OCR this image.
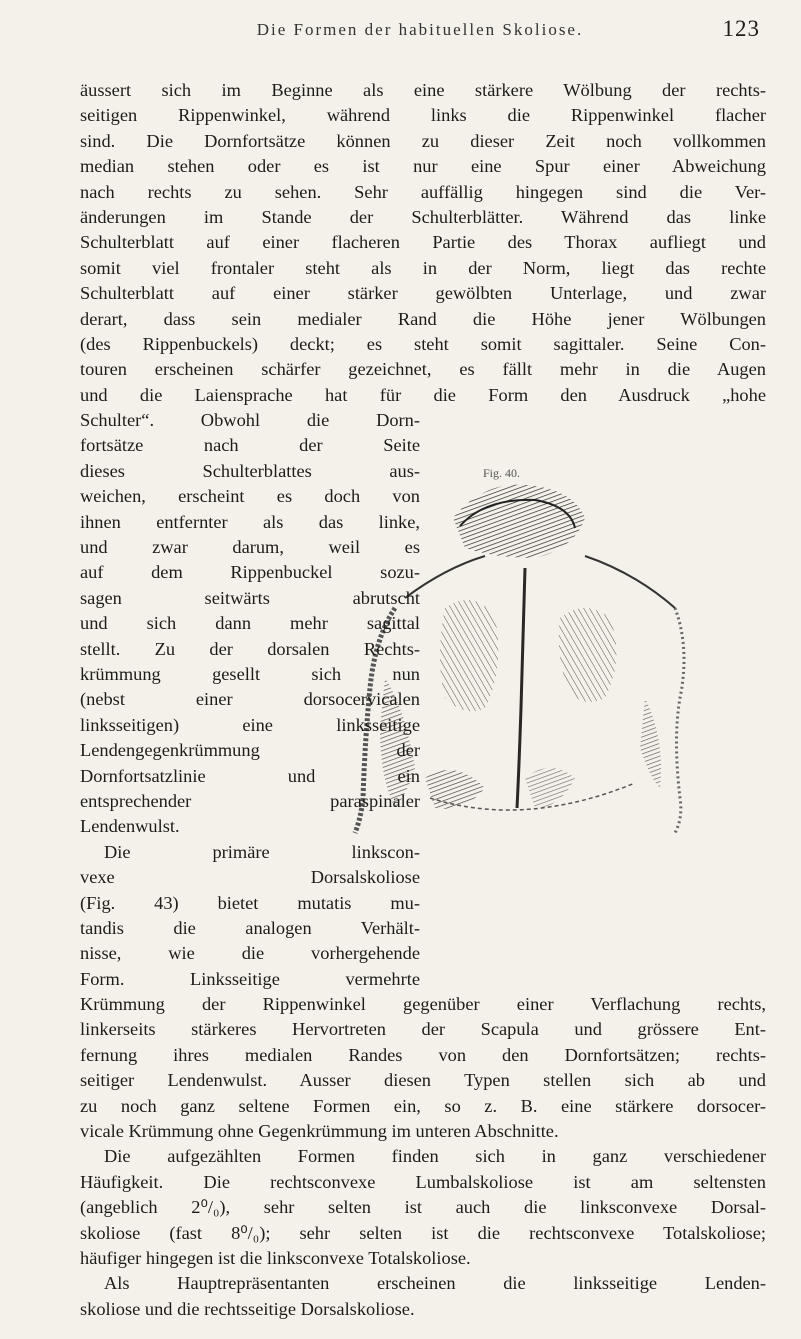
Die Formen der habituellen Skoliose.	123
Fig. 40.
äussert sich im Beginne als eine stärkere Wölbung der rechts-
seitigen Rippenwinkel, während links die Rippenwinkel flacher
sind. Die Dornfortsätze können zu dieser Zeit noch vollkommen
median stehen oder es ist nur eine Spur einer Abweichung
nach rechts zu sehen. Sehr auffällig hingegen sind die Ver-
änderungen im Stande der Schulterblätter. Während das linke
Schulterblatt auf einer flacheren Partie des Thorax aufliegt und
somit viel frontaler steht als in der Norm, liegt das rechte
Schulterblatt auf einer stärker gewölbten Unterlage, und zwar
derart, dass sein medialer Rand die Höhe jener Wölbungen
(des Rippenbuckels) deckt; es steht somit sagittaler. Seine Con-
touren erscheinen schärfer gezeichnet, es fällt mehr in die Augen
und die Laiensprache hat für die Form den Ausdruck „hohe
Schulter“. Obwohl die Dorn-
fortsätze nach der Seite
dieses Schulterblattes aus-
weichen, erscheint es doch von
ihnen entfernter als das linke,
und zwar darum, weil es
auf dem Rippenbuckel sozu-
sagen seitwärts abrutscht
und sich dann mehr sagittal
stellt. Zu der dorsalen Rechts-
krümmung gesellt sich nun
(nebst einer dorsocervicalen
linksseitigen) eine linksseitige
Lendengegenkrümmung der
Dornfortsatzlinie und ein
entsprechender paraspinaler
Lendenwulst.
Die primäre linkscon-
vexe Dorsalskoliose
(Fig. 43) bietet mutatis mu-
tandis die analogen Verhält-
nisse, wie die vorhergehende
Form. Linksseitige vermehrte
Krümmung der Rippenwinkel gegenüber einer Verflachung rechts,
linkerseits stärkeres Hervortreten der Scapula und grössere Ent-
fernung ihres medialen Randes von den Dornfortsätzen; rechts-
seitiger Lendenwulst. Ausser diesen Typen stellen sich ab und
zu noch ganz seltene Formen ein, so z. B. eine stärkere dorsocer-
vicale Krümmung ohne Gegenkrümmung im unteren Abschnitte.
Die aufgezählten Formen finden sich in ganz verschiedener
Häufigkeit. Die rechtsconvexe Lumbalskoliose ist am seltensten
(angeblich 2⁰/₀), sehr selten ist auch die linksconvexe Dorsal-
skoliose (fast 8⁰/₀); sehr selten ist die rechtsconvexe Totalskoliose;
häufiger hingegen ist die linksconvexe Totalskoliose.
Als Hauptrepräsentanten erscheinen die linksseitige Lenden-
skoliose und die rechtsseitige Dorsalskoliose.
